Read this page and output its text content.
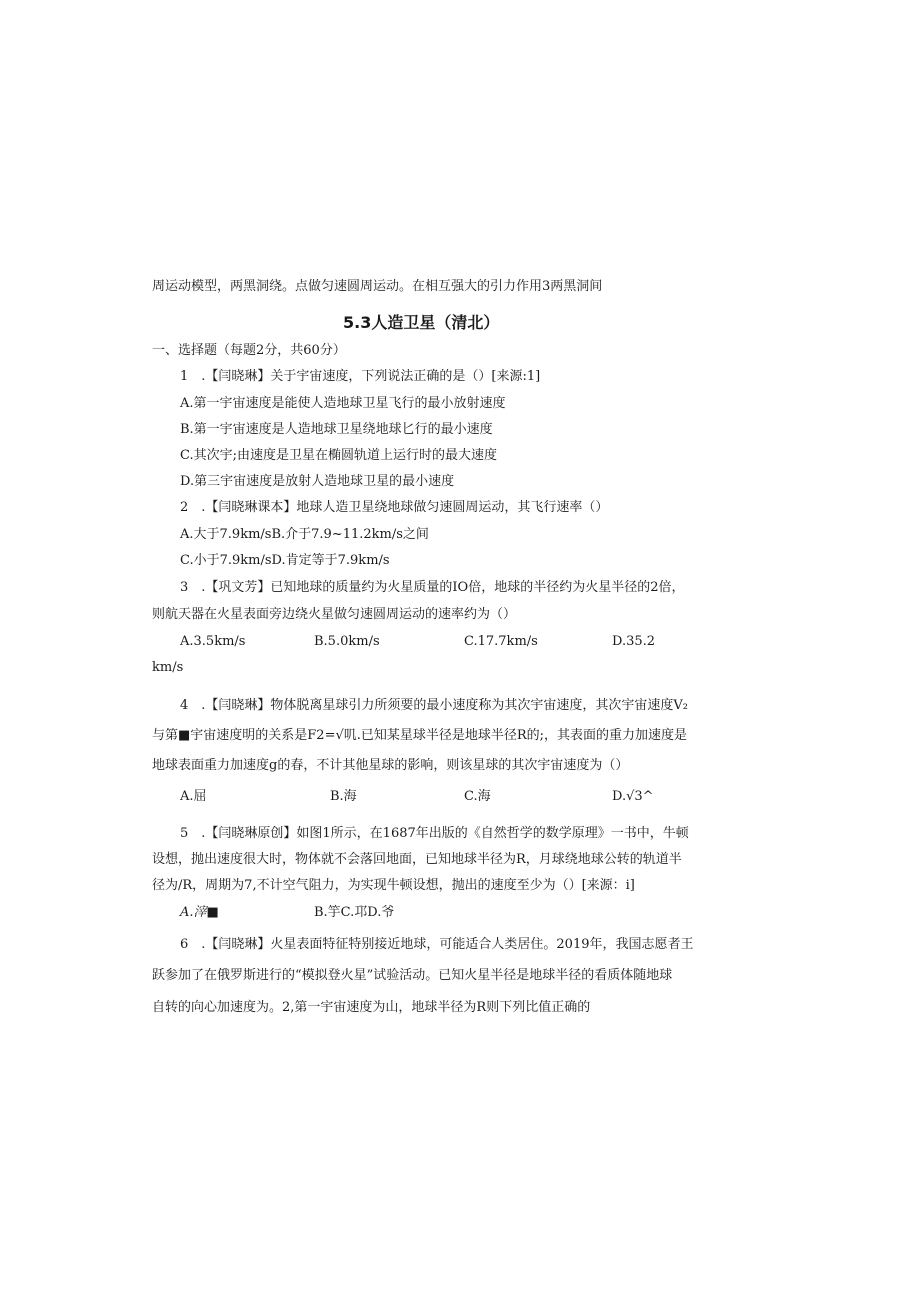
周运动模型，两黑洞绕。点做匀速圆周运动。在相互强大的引力作用3两黑洞间
5.3人造卫星（清北）
一、选择题（每题2分，共60分）
1　.【闫晓琳】关于宇宙速度，下列说法正确的是（）[来源:1]
A.第一宇宙速度是能使人造地球卫星飞行的最小放射速度
B.第一宇宙速度是人造地球卫星绕地球匕行的最小速度
C.其次宇;由速度是卫星在椭圆轨道上运行时的最大速度
D.第三宇宙速度是放射人造地球卫星的最小速度
2　.【闫晓琳课本】地球人造卫星绕地球做匀速圆周运动，其飞行速率（）
A.大于7.9km∕sB.介于7.9~11.2km∕s之间
C.小于7.9km∕sD.肯定等于7.9km∕s
3　.【巩文芳】已知地球的质量约为火星质量的IO倍，地球的半径约为火星半径的2倍，
则航天器在火星表面旁边绕火星做匀速圆周运动的速率约为（）
A.3.5km/s	B.5.0km/s	C.17.7km/s	D.35.2
km/s
4　.【闫晓琳】物体脱离星球引力所须要的最小速度称为其次宇宙速度，其次宇宙速度V₂
与第■宇宙速度明的关系是F2=√叽.已知某星球半径是地球半径R的;，其表面的重力加速度是
地球表面重力加速度g的春，不计其他星球的影响，则该星球的其次宇宙速度为（）
A.屈	B.海	C.海	D.√3^
5　.【闫晓琳原创】如图1所示，在1687年出版的《自然哲学的数学原理》一书中，牛顿
设想，抛出速度很大时，物体就不会落回地面，已知地球半径为R，月球绕地球公转的轨道半
径为/R，周期为7,不计空气阻力，为实现牛顿设想，抛出的速度至少为（）[来源：i]
A.滓■	B.竽C.邛D.爷
6　.【闫晓琳】火星表面特征特别接近地球，可能适合人类居住。2019年，我国志愿者王
跃参加了在俄罗斯进行的“模拟登火星”试验活动。已知火星半径是地球半径的看质体随地球
自转的向心加速度为。2,第一宇宙速度为山，地球半径为R则下列比值正确的
